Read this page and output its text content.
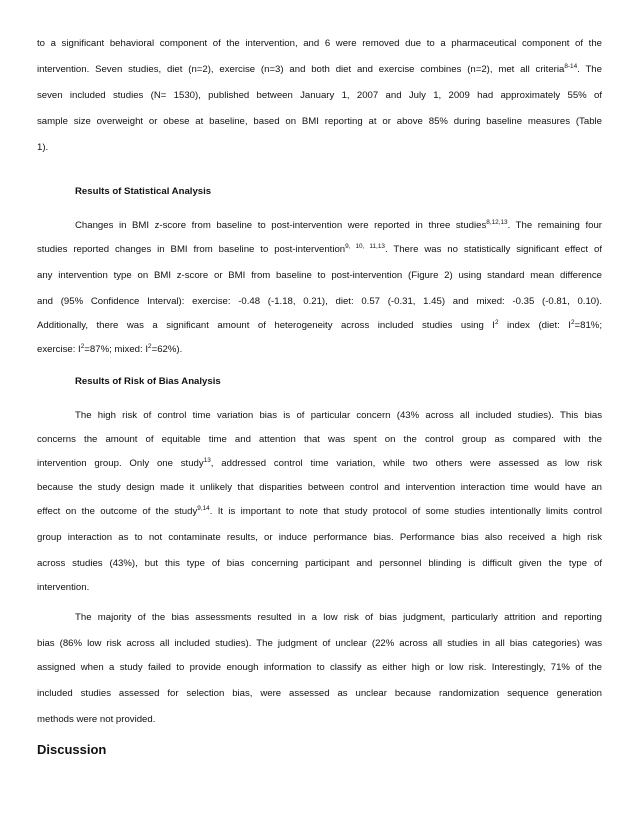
to a significant behavioral component of the intervention, and 6 were removed due to a pharmaceutical component of the
intervention. Seven studies, diet (n=2), exercise (n=3) and both diet and exercise combines (n=2), met all criteria$^{8-14}$. The
seven included studies (N= 1530), published between January 1, 2007 and July 1, 2009 had approximately 55% of
sample size overweight or obese at baseline, based on BMI reporting at or above 85% during baseline measures (Table
1).
Results of Statistical Analysis
Changes in BMI z-score from baseline to post-intervention were reported in three studies$^{8,12,13}$. The remaining four
studies reported changes in BMI from baseline to post-intervention$^{9, 10, 11,13}$. There was no statistically significant effect of
any intervention type on BMI z-score or BMI from baseline to post-intervention (Figure 2) using standard mean difference
and (95% Confidence Interval): exercise: -0.48 (-1.18, 0.21), diet: 0.57 (-0.31, 1.45) and mixed: -0.35 (-0.81, 0.10).
Additionally, there was a significant amount of heterogeneity across included studies using $I^2$ index (diet: $I^2=81\%$;
exercise: $I^2=87\%$; mixed: $I^2=62\%$).
Results of Risk of Bias Analysis
The high risk of control time variation bias is of particular concern (43% across all included studies). This bias
concerns the amount of equitable time and attention that was spent on the control group as compared with the
intervention group. Only one study$^{13}$, addressed control time variation, while two others were assessed as low risk
because the study design made it unlikely that disparities between control and intervention interaction time would have an
effect on the outcome of the study$^{9,14}$. It is important to note that study protocol of some studies intentionally limits control
group interaction as to not contaminate results, or induce performance bias. Performance bias also received a high risk
across studies (43%), but this type of bias concerning participant and personnel blinding is difficult given the type of
intervention.
The majority of the bias assessments resulted in a low risk of bias judgment, particularly attrition and reporting
bias (86% low risk across all included studies). The judgment of unclear (22% across all studies in all bias categories) was
assigned when a study failed to provide enough information to classify as either high or low risk. Interestingly, 71% of the
included studies assessed for selection bias, were assessed as unclear because randomization sequence generation
methods were not provided.
Discussion
